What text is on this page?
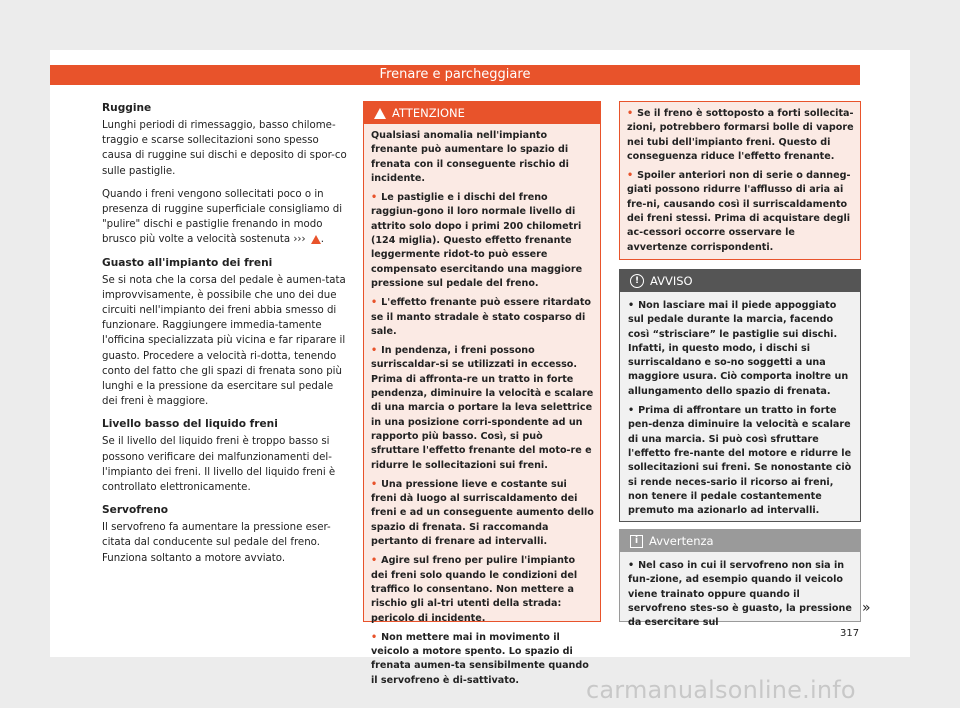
Frenare e parcheggiare
Ruggine

Lunghi periodi di rimessaggio, basso chilome-traggio e scarse sollecitazioni sono spesso causa di ruggine sui dischi e deposito di spor-co sulle pastiglie.

Quando i freni vengono sollecitati poco o in presenza di ruggine superficiale consigliamo di "pulire" dischi e pastiglie frenando in modo brusco più volte a velocità sostenuta ››› .

Guasto all'impianto dei freni

Se si nota che la corsa del pedale è aumen-tata improvvisamente, è possibile che uno dei due circuiti nell'impianto dei freni abbia smesso di funzionare. Raggiungere immedia-tamente l'officina specializzata più vicina e far riparare il guasto. Procedere a velocità ri-dotta, tenendo conto del fatto che gli spazi di frenata sono più lunghi e la pressione da esercitare sul pedale dei freni è maggiore.

Livello basso del liquido freni

Se il livello del liquido freni è troppo basso si possono verificare dei malfunzionamenti del-l'impianto dei freni. Il livello del liquido freni è controllato elettronicamente.

Servofreno

Il servofreno fa aumentare la pressione eser-citata dal conducente sul pedale del freno. Funziona soltanto a motore avviato.

ATTENZIONE

Qualsiasi anomalia nell'impianto frenante può aumentare lo spazio di frenata con il conseguente rischio di incidente.

• Le pastiglie e i dischi del freno raggiun-gono il loro normale livello di attrito solo dopo i primi 200 chilometri (124 miglia). Questo effetto frenante leggermente ridot-to può essere compensato esercitando una maggiore pressione sul pedale del freno.
• L'effetto frenante può essere ritardato se il manto stradale è stato cosparso di sale.
• In pendenza, i freni possono surriscaldar-si se utilizzati in eccesso. Prima di affronta-re un tratto in forte pendenza, diminuire la velocità e scalare di una marcia o portare la leva selettrice in una posizione corri-spondente ad un rapporto più basso. Così, si può sfruttare l'effetto frenante del moto-re e ridurre le sollecitazioni sui freni.
• Una pressione lieve e costante sui freni dà luogo al surriscaldamento dei freni e ad un conseguente aumento dello spazio di frenata. Si raccomanda pertanto di frenare ad intervalli.
• Agire sul freno per pulire l'impianto dei freni solo quando le condizioni del traffico lo consentano. Non mettere a rischio gli al-tri utenti della strada: pericolo di incidente.
• Non mettere mai in movimento il veicolo a motore spento. Lo spazio di frenata aumen-ta sensibilmente quando il servofreno è di-sattivato.
• Se il freno è sottoposto a forti sollecita-zioni, potrebbero formarsi bolle di vapore nei tubi dell'impianto freni. Questo di conseguenza riduce l'effetto frenante.
• Spoiler anteriori non di serie o danneg-giati possono ridurre l'afflusso di aria ai fre-ni, causando così il surriscaldamento dei freni stessi. Prima di acquistare degli ac-cessori occorre osservare le avvertenze corrispondenti.
! AVVISO
• Non lasciare mai il piede appoggiato sul pedale durante la marcia, facendo così “strisciare” le pastiglie sui dischi. Infatti, in questo modo, i dischi si surriscaldano e so-no soggetti a una maggiore usura. Ciò comporta inoltre un allungamento dello spazio di frenata.
• Prima di affrontare un tratto in forte pen-denza diminuire la velocità e scalare di una marcia. Si può così sfruttare l'effetto fre-nante del motore e ridurre le sollecitazioni sui freni. Se nonostante ciò si rende neces-sario il ricorso ai freni, non tenere il pedale costantemente premuto ma azionarlo ad intervalli.
i Avvertenza
• Nel caso in cui il servofreno non sia in fun-zione, ad esempio quando il veicolo viene trainato oppure quando il servofreno stes-so è guasto, la pressione da esercitare sul
»
317
carmanualsonline.info
